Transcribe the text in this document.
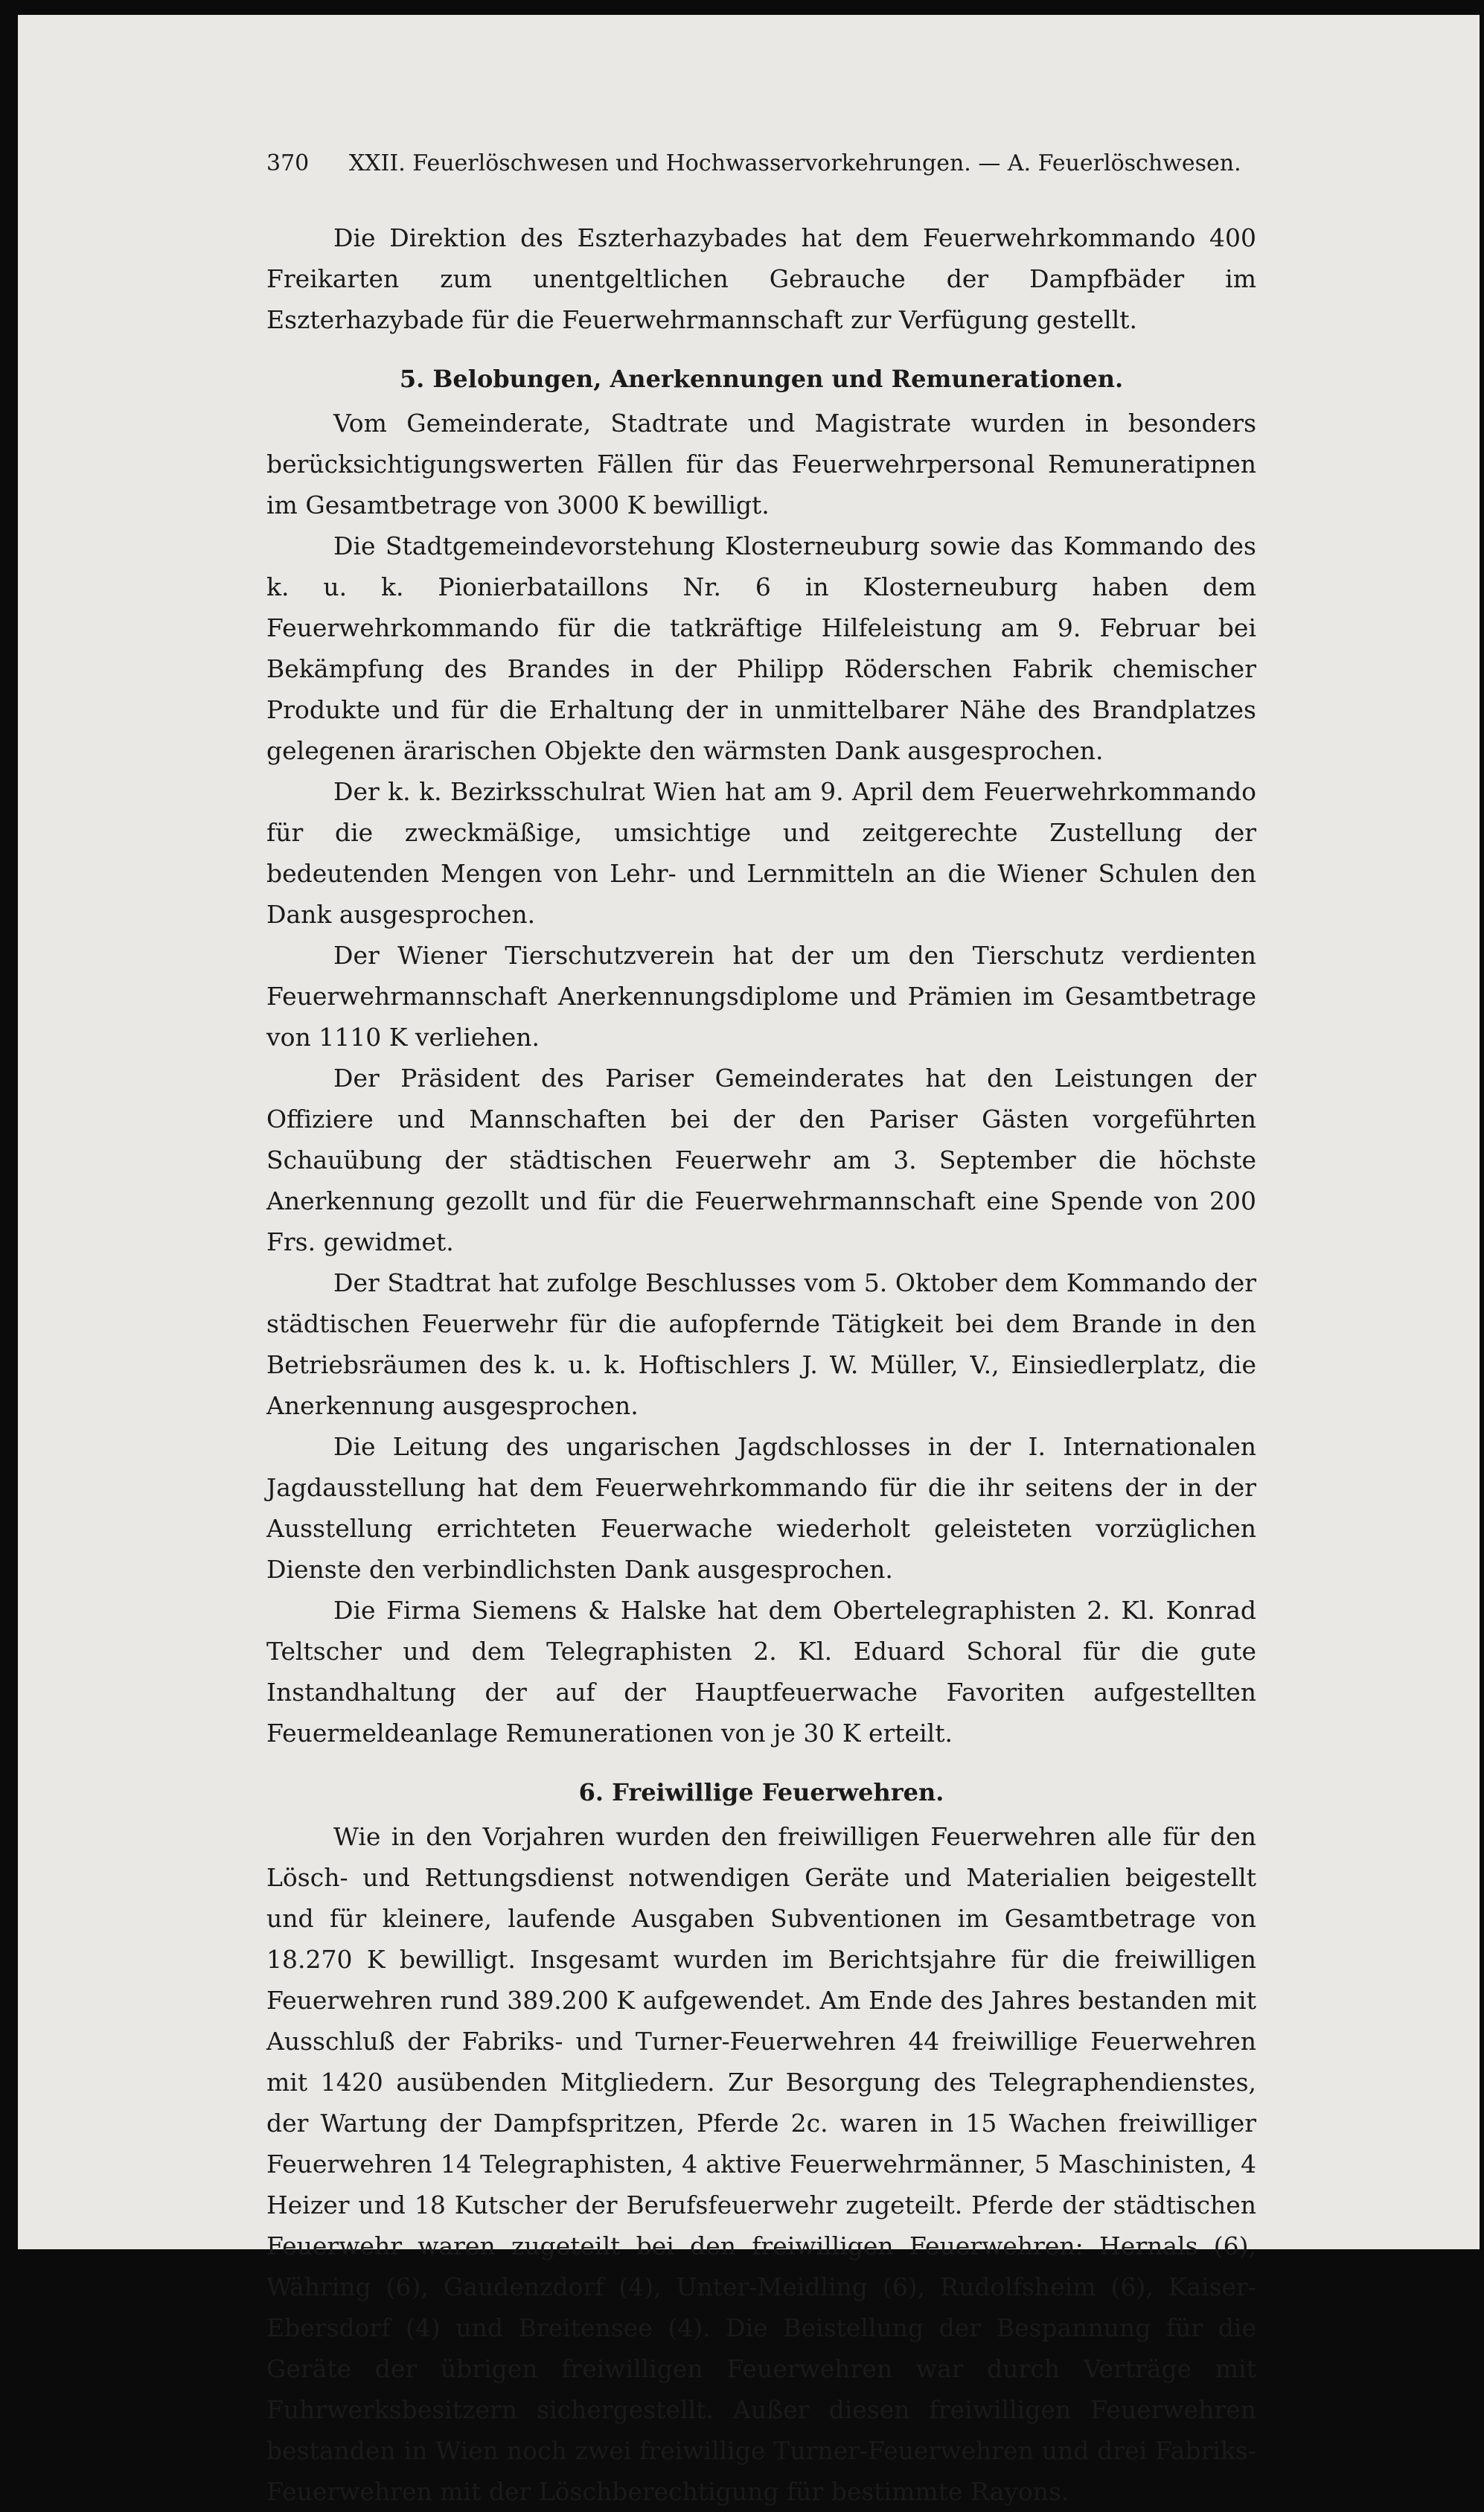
370 XXII. Feuerlöschwesen und Hochwasservorkehrungen. — A. Feuerlöschwesen.

Die Direktion des Eszterhazybades hat dem Feuerwehrkommando 400 Freikarten zum unentgeltlichen Gebrauche der Dampfbäder im Eszterhazybade für die Feuerwehrmannschaft zur Verfügung gestellt.

5. Belobungen, Anerkennungen und Remunerationen.

Vom Gemeinderate, Stadtrate und Magistrate wurden in besonders berücksichtigungswerten Fällen für das Feuerwehrpersonal Remuneratipnen im Gesamtbetrage von 3000 K bewilligt.

Die Stadtgemeindevorstehung Klosterneuburg sowie das Kommando des k. u. k. Pionierbataillons Nr. 6 in Klosterneuburg haben dem Feuerwehrkommando für die tatkräftige Hilfeleistung am 9. Februar bei Bekämpfung des Brandes in der Philipp Röderschen Fabrik chemischer Produkte und für die Erhaltung der in unmittelbarer Nähe des Brandplatzes gelegenen ärarischen Objekte den wärmsten Dank ausgesprochen.

Der k. k. Bezirksschulrat Wien hat am 9. April dem Feuerwehrkommando für die zweckmäßige, umsichtige und zeitgerechte Zustellung der bedeutenden Mengen von Lehr- und Lernmitteln an die Wiener Schulen den Dank ausgesprochen.

Der Wiener Tierschutzverein hat der um den Tierschutz verdienten Feuerwehrmannschaft Anerkennungsdiplome und Prämien im Gesamtbetrage von 1110 K verliehen.

Der Präsident des Pariser Gemeinderates hat den Leistungen der Offiziere und Mannschaften bei der den Pariser Gästen vorgeführten Schauübung der städtischen Feuerwehr am 3. September die höchste Anerkennung gezollt und für die Feuerwehrmannschaft eine Spende von 200 Frs. gewidmet.

Der Stadtrat hat zufolge Beschlusses vom 5. Oktober dem Kommando der städtischen Feuerwehr für die aufopfernde Tätigkeit bei dem Brande in den Betriebsräumen des k. u. k. Hoftischlers J. W. Müller, V., Einsiedlerplatz, die Anerkennung ausgesprochen.

Die Leitung des ungarischen Jagdschlosses in der I. Internationalen Jagdausstellung hat dem Feuerwehrkommando für die ihr seitens der in der Ausstellung errichteten Feuerwache wiederholt geleisteten vorzüglichen Dienste den verbindlichsten Dank ausgesprochen.

Die Firma Siemens & Halske hat dem Obertelegraphisten 2. Kl. Konrad Teltscher und dem Telegraphisten 2. Kl. Eduard Schoral für die gute Instandhaltung der auf der Hauptfeuerwache Favoriten aufgestellten Feuermeldeanlage Remunerationen von je 30 K erteilt.

6. Freiwillige Feuerwehren.

Wie in den Vorjahren wurden den freiwilligen Feuerwehren alle für den Lösch- und Rettungsdienst notwendigen Geräte und Materialien beigestellt und für kleinere, laufende Ausgaben Subventionen im Gesamtbetrage von 18.270 K bewilligt. Insgesamt wurden im Berichtsjahre für die freiwilligen Feuerwehren rund 389.200 K aufgewendet. Am Ende des Jahres bestanden mit Ausschluß der Fabriks- und Turner-Feuerwehren 44 freiwillige Feuerwehren mit 1420 ausübenden Mitgliedern. Zur Besorgung des Telegraphendienstes, der Wartung der Dampfspritzen, Pferde 2c. waren in 15 Wachen freiwilliger Feuerwehren 14 Telegraphisten, 4 aktive Feuerwehrmänner, 5 Maschinisten, 4 Heizer und 18 Kutscher der Berufsfeuerwehr zugeteilt. Pferde der städtischen Feuerwehr waren zugeteilt bei den freiwilligen Feuerwehren: Hernals (6), Währing (6), Gaudenzdorf (4), Unter-Meidling (6), Rudolfsheim (6), Kaiser-Ebersdorf (4) und Breitensee (4). Die Beistellung der Bespannung für die Geräte der übrigen freiwilligen Feuerwehren war durch Verträge mit Fuhrwerksbesitzern sichergestellt. Außer diesen freiwilligen Feuerwehren bestanden in Wien noch zwei freiwillige Turner-Feuerwehren und drei Fabriks-Feuerwehren mit der Löschberechtigung für bestimmte Rayons.
